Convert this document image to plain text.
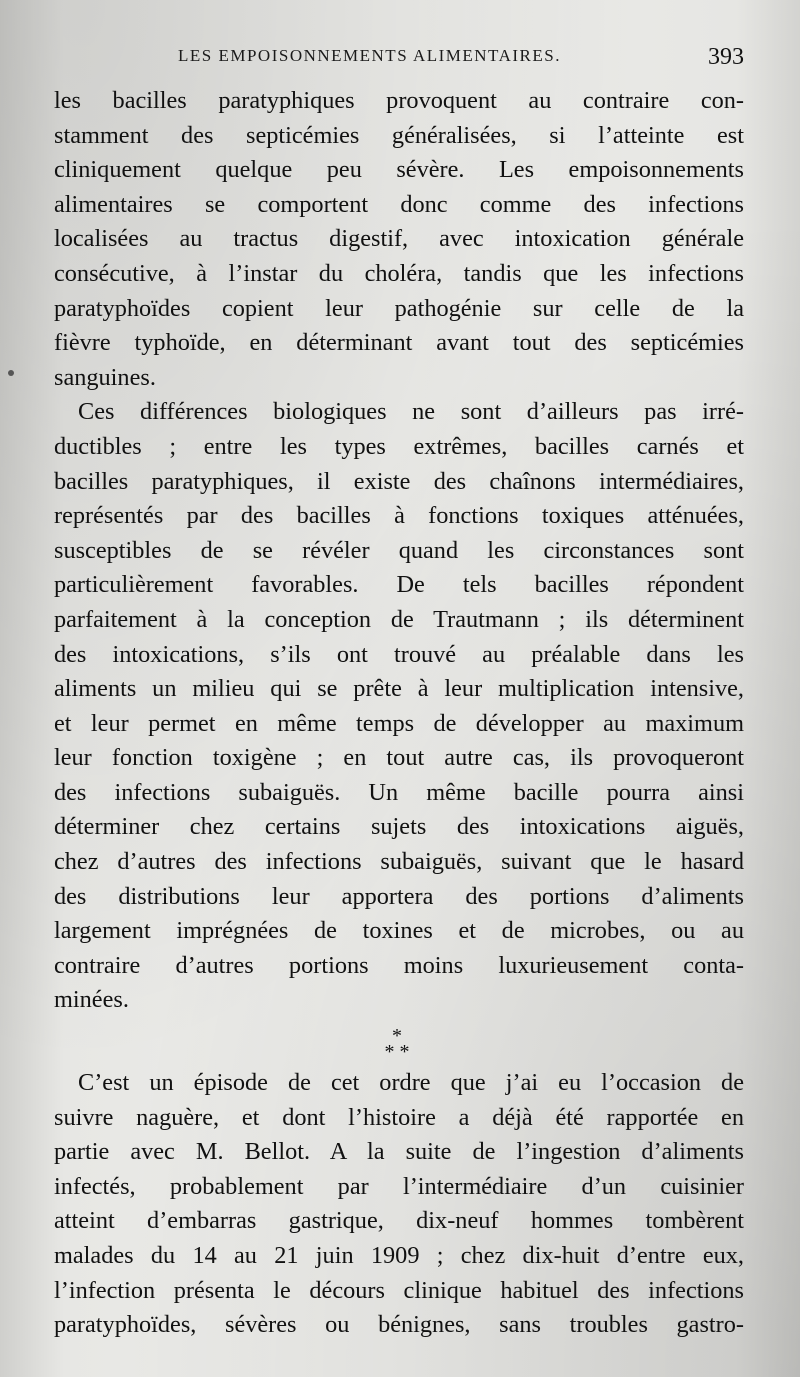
LES EMPOISONNEMENTS ALIMENTAIRES.	393
les bacilles paratyphiques provoquent au contraire con-
stamment des septicémies généralisées, si l’atteinte est
cliniquement quelque peu sévère. Les empoisonnements
alimentaires se comportent donc comme des infections
localisées au tractus digestif, avec intoxication générale
consécutive, à l’instar du choléra, tandis que les infections
paratyphoïdes copient leur pathogénie sur celle de la
fièvre typhoïde, en déterminant avant tout des septicémies
sanguines.
Ces différences biologiques ne sont d’ailleurs pas irré-
ductibles ; entre les types extrêmes, bacilles carnés et
bacilles paratyphiques, il existe des chaînons intermédiaires,
représentés par des bacilles à fonctions toxiques atténuées,
susceptibles de se révéler quand les circonstances sont
particulièrement favorables. De tels bacilles répondent
parfaitement à la conception de Trautmann ; ils déterminent
des intoxications, s’ils ont trouvé au préalable dans les
aliments un milieu qui se prête à leur multiplication intensive,
et leur permet en même temps de développer au maximum
leur fonction toxigène ; en tout autre cas, ils provoqueront
des infections subaiguës. Un même bacille pourra ainsi
déterminer chez certains sujets des intoxications aiguës,
chez d’autres des infections subaiguës, suivant que le hasard
des distributions leur apportera des portions d’aliments
largement imprégnées de toxines et de microbes, ou au
contraire d’autres portions moins luxurieusement conta-
minées.
*
* *
C’est un épisode de cet ordre que j’ai eu l’occasion de
suivre naguère, et dont l’histoire a déjà été rapportée en
partie avec M. Bellot. A la suite de l’ingestion d’aliments
infectés, probablement par l’intermédiaire d’un cuisinier
atteint d’embarras gastrique, dix-neuf hommes tombèrent
malades du 14 au 21 juin 1909 ; chez dix-huit d’entre eux,
l’infection présenta le décours clinique habituel des infections
paratyphoïdes, sévères ou bénignes, sans troubles gastro-
